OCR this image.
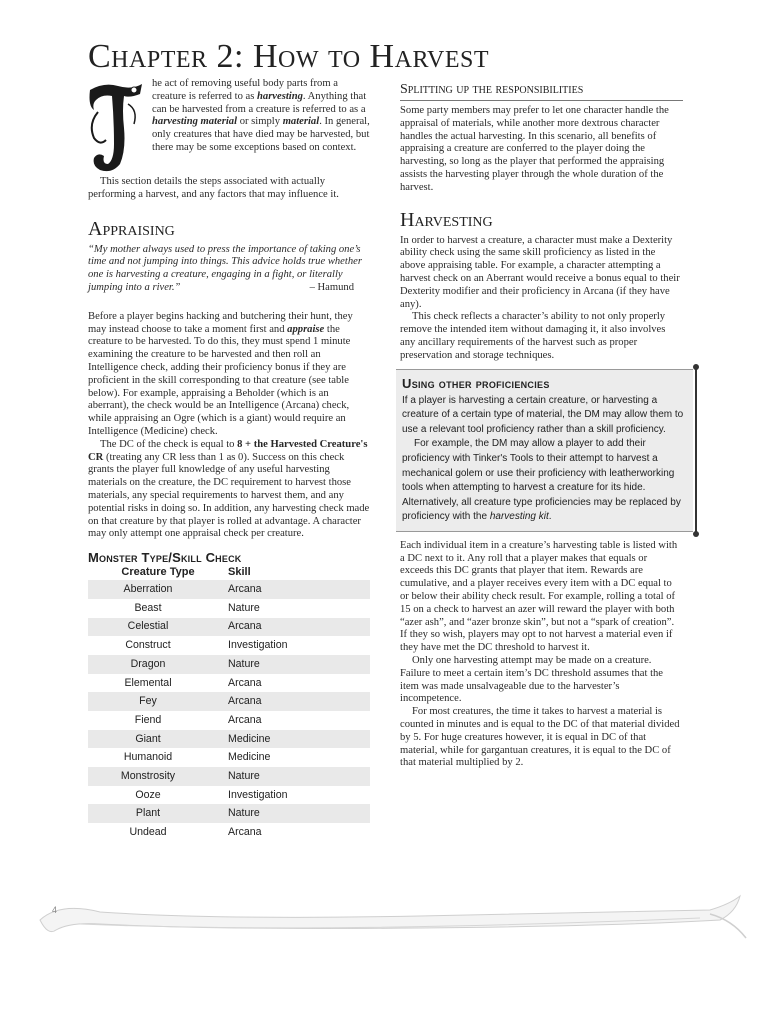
Chapter 2: How to Harvest

he act of removing useful body parts from a creature is referred to as harvesting. Anything that can be harvested from a creature is referred to as a harvesting material or simply material. In general, only creatures that have died may be harvested, but there may be some exceptions based on context.

This section details the steps associated with actually performing a harvest, and any factors that may influence it.

Appraising

“My mother always used to press the importance of taking one’s time and not jumping into things. This advice holds true whether one is harvesting a creature, engaging in a fight, or literally jumping into a river.”	– Hamund

Before a player begins hacking and butchering their hunt, they may instead choose to take a moment first and appraise the creature to be harvested. To do this, they must spend 1 minute examining the creature to be harvested and then roll an Intelligence check, adding their proficiency bonus if they are proficient in the skill corresponding to that creature (see table below). For example, appraising a Beholder (which is an aberrant), the check would be an Intelligence (Arcana) check, while appraising an Ogre (which is a giant) would require an Intelligence (Medicine) check.

The DC of the check is equal to 8 + the Harvested Creature's CR (treating any CR less than 1 as 0). Success on this check grants the player full knowledge of any useful harvesting materials on the creature, the DC requirement to harvest those materials, any special requirements to harvest them, and any potential risks in doing so. In addition, any harvesting check made on that creature by that player is rolled at advantage. A character may only attempt one appraisal check per creature.

Monster Type/Skill Check
Creature Type	Skill
Aberration	Arcana
Beast	Nature
Celestial	Arcana
Construct	Investigation
Dragon	Nature
Elemental	Arcana
Fey	Arcana
Fiend	Arcana
Giant	Medicine
Humanoid	Medicine
Monstrosity	Nature
Ooze	Investigation
Plant	Nature
Undead	Arcana
Splitting up the responsibilities

Some party members may prefer to let one character handle the appraisal of materials, while another more dextrous character handles the actual harvesting. In this scenario, all benefits of appraising a creature are conferred to the player doing the harvesting, so long as the player that performed the appraising assists the harvesting player through the whole duration of the harvest.

Harvesting

In order to harvest a creature, a character must make a Dexterity ability check using the same skill proficiency as listed in the above appraising table. For example, a character attempting a harvest check on an Aberrant would receive a bonus equal to their Dexterity modifier and their proficiency in Arcana (if they have any).

This check reflects a character’s ability to not only properly remove the intended item without damaging it, it also involves any ancillary requirements of the harvest such as proper preservation and storage techniques.

Using other proficiencies

If a player is harvesting a certain creature, or harvesting a creature of a certain type of material, the DM may allow them to use a relevant tool proficiency rather than a skill proficiency.

For example, the DM may allow a player to add their proficiency with Tinker's Tools to their attempt to harvest a mechanical golem or use their proficiency with leatherworking tools when attempting to harvest a creature for its hide. Alternatively, all creature type proficiencies may be replaced by proficiency with the harvesting kit.

Each individual item in a creature’s harvesting table is listed with a DC next to it. Any roll that a player makes that equals or exceeds this DC grants that player that item. Rewards are cumulative, and a player receives every item with a DC equal to or below their ability check result. For example, rolling a total of 15 on a check to harvest an azer will reward the player with both “azer ash”, and “azer bronze skin”, but not a “spark of creation”. If they so wish, players may opt to not harvest a material even if they have met the DC threshold to harvest it.

Only one harvesting attempt may be made on a creature. Failure to meet a certain item’s DC threshold assumes that the item was made unsalvageable due to the harvester’s incompetence.

For most creatures, the time it takes to harvest a material is counted in minutes and is equal to the DC of that material divided by 5. For huge creatures however, it is equal in DC of that material, while for gargantuan creatures, it is equal to the DC of that material multiplied by 2.

4
